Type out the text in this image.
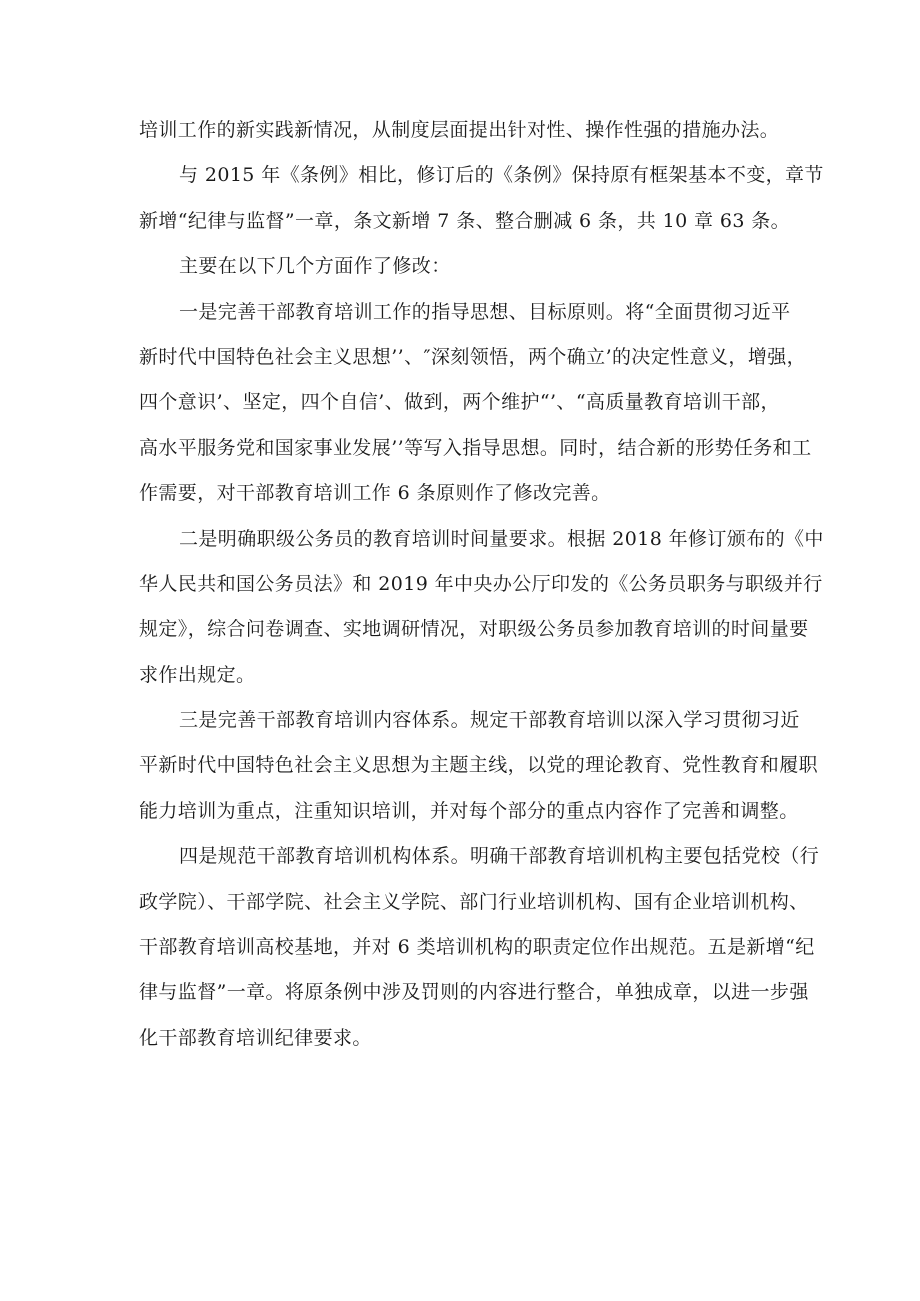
培训工作的新实践新情况，从制度层面提出针对性、操作性强的措施办法。

与 2015 年《条例》相比，修订后的《条例》保持原有框架基本不变，章节
新增“纪律与监督”一章，条文新增 7 条、整合删减 6 条，共 10 章 63 条。

主要在以下几个方面作了修改：

一是完善干部教育培训工作的指导思想、目标原则。将“全面贯彻习近平
新时代中国特色社会主义思想’’、″深刻领悟，两个确立’的决定性意义，增强，
四个意识’、坚定，四个自信’、做到，两个维护“’、“高质量教育培训干部，
高水平服务党和国家事业发展’’等写入指导思想。同时，结合新的形势任务和工
作需要，对干部教育培训工作 6 条原则作了修改完善。

二是明确职级公务员的教育培训时间量要求。根据 2018 年修订颁布的《中
华人民共和国公务员法》和 2019 年中央办公厅印发的《公务员职务与职级并行
规定》，综合问卷调查、实地调研情况，对职级公务员参加教育培训的时间量要
求作出规定。

三是完善干部教育培训内容体系。规定干部教育培训以深入学习贯彻习近
平新时代中国特色社会主义思想为主题主线，以党的理论教育、党性教育和履职
能力培训为重点，注重知识培训，并对每个部分的重点内容作了完善和调整。

四是规范干部教育培训机构体系。明确干部教育培训机构主要包括党校（行
政学院）、干部学院、社会主义学院、部门行业培训机构、国有企业培训机构、
干部教育培训高校基地，并对 6 类培训机构的职责定位作出规范。五是新增“纪
律与监督”一章。将原条例中涉及罚则的内容进行整合，单独成章，以进一步强
化干部教育培训纪律要求。
